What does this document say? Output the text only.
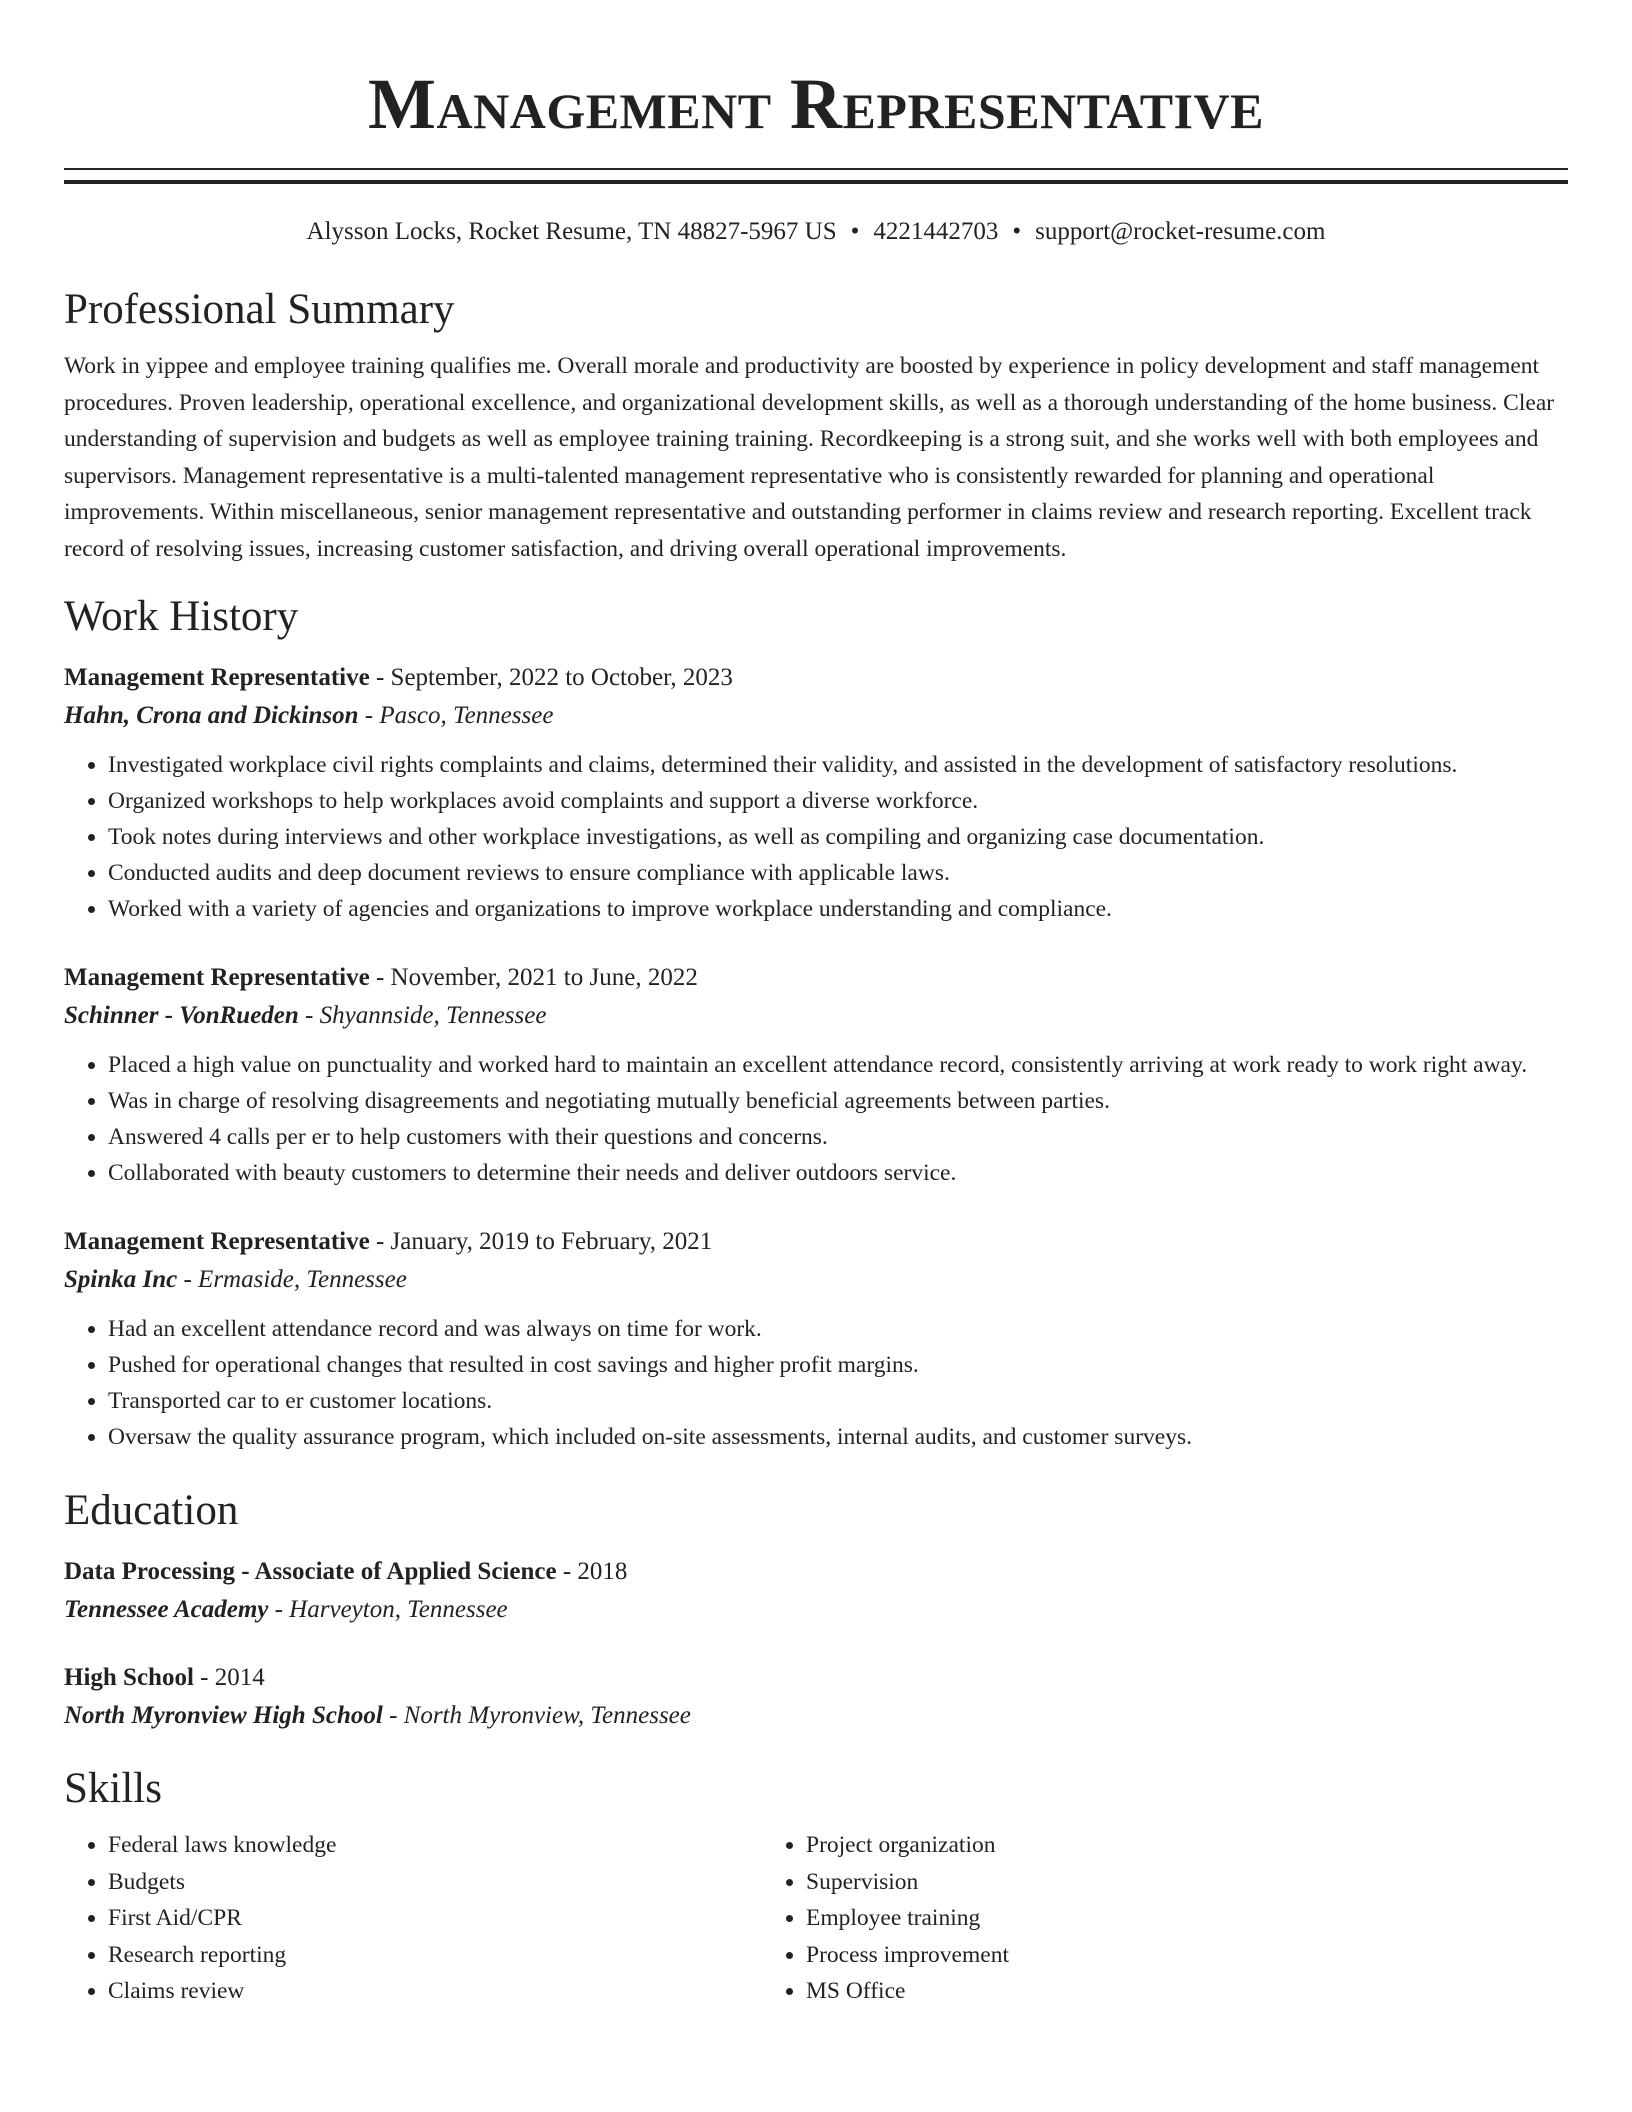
Management Representative
Alysson Locks, Rocket Resume, TN 48827-5967 US • 4221442703 • support@rocket-resume.com
Professional Summary

Work in yippee and employee training qualifies me. Overall morale and productivity are boosted by experience in policy development and staff management procedures. Proven leadership, operational excellence, and organizational development skills, as well as a thorough understanding of the home business. Clear understanding of supervision and budgets as well as employee training training. Recordkeeping is a strong suit, and she works well with both employees and supervisors. Management representative is a multi-talented management representative who is consistently rewarded for planning and operational improvements. Within miscellaneous, senior management representative and outstanding performer in claims review and research reporting. Excellent track record of resolving issues, increasing customer satisfaction, and driving overall operational improvements.

Work History
Management Representative - September, 2022 to October, 2023
Hahn, Crona and Dickinson - Pasco, Tennessee
• Investigated workplace civil rights complaints and claims, determined their validity, and assisted in the development of satisfactory resolutions.
• Organized workshops to help workplaces avoid complaints and support a diverse workforce.
• Took notes during interviews and other workplace investigations, as well as compiling and organizing case documentation.
• Conducted audits and deep document reviews to ensure compliance with applicable laws.
• Worked with a variety of agencies and organizations to improve workplace understanding and compliance.
Management Representative - November, 2021 to June, 2022
Schinner - VonRueden - Shyannside, Tennessee
• Placed a high value on punctuality and worked hard to maintain an excellent attendance record, consistently arriving at work ready to work right away.
• Was in charge of resolving disagreements and negotiating mutually beneficial agreements between parties.
• Answered 4 calls per er to help customers with their questions and concerns.
• Collaborated with beauty customers to determine their needs and deliver outdoors service.
Management Representative - January, 2019 to February, 2021
Spinka Inc - Ermaside, Tennessee
• Had an excellent attendance record and was always on time for work.
• Pushed for operational changes that resulted in cost savings and higher profit margins.
• Transported car to er customer locations.
• Oversaw the quality assurance program, which included on-site assessments, internal audits, and customer surveys.
Education
Data Processing - Associate of Applied Science - 2018
Tennessee Academy - Harveyton, Tennessee
High School - 2014
North Myronview High School - North Myronview, Tennessee
Skills
• Federal laws knowledge
• Budgets
• First Aid/CPR
• Research reporting
• Claims review
• Project organization
• Supervision
• Employee training
• Process improvement
• MS Office
